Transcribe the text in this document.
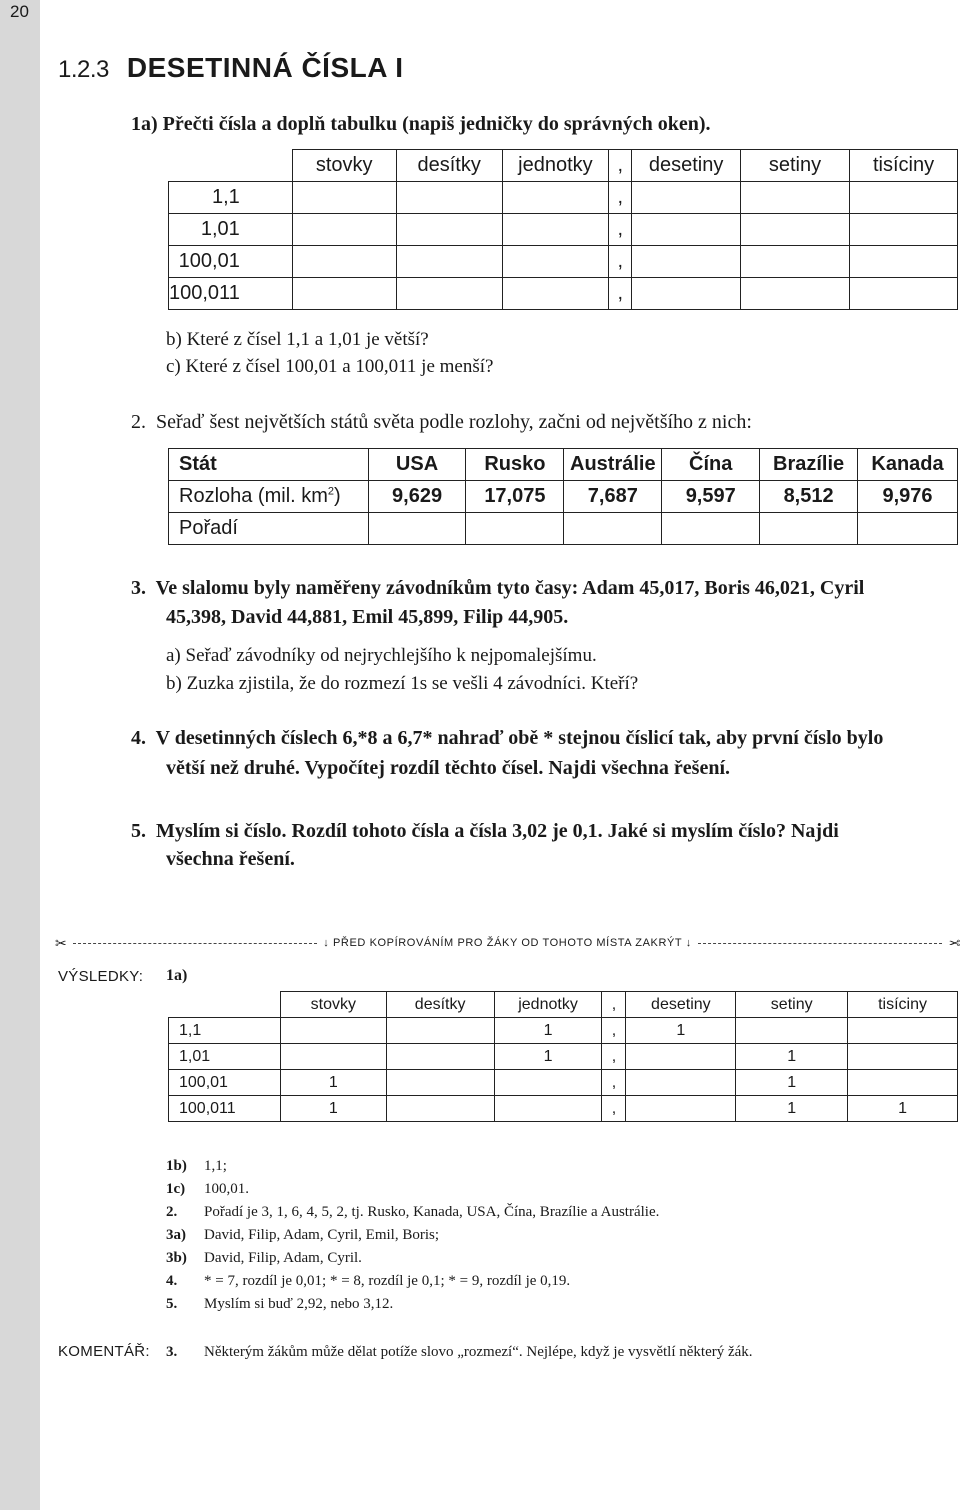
20
1.2.3 DESETINNÁ ČÍSLA I
1a) Přečti čísla a doplň tabulku (napiš jedničky do správných oken).
	stovky	desítky	jednotky	,	desetiny	setiny	tisíciny
1,1				,			
1,01				,			
100,01				,			
100,011				,			
b) Které z čísel 1,1 a 1,01 je větší?
c) Které z čísel 100,01 a 100,011 je menší?
2. Seřaď šest největších států světa podle rozlohy, začni od největšího z nich:
Stát	USA	Rusko	Austrálie	Čína	Brazílie	Kanada
Rozloha (mil. $km^2$)	9,629	17,075	7,687	9,597	8,512	9,976
Pořadí						
3. Ve slalomu byly naměřeny závodníkům tyto časy: Adam 45,017, Boris 46,021, Cyril
45,398, David 44,881, Emil 45,899, Filip 44,905.
a) Seřaď závodníky od nejrychlejšího k nejpomalejšímu.
b) Zuzka zjistila, že do rozmezí 1s se vešli 4 závodníci. Kteří?
4. V desetinných číslech 6,*8 a 6,7* nahraď obě * stejnou číslicí tak, aby první číslo bylo
větší než druhé. Vypočítej rozdíl těchto čísel. Najdi všechna řešení.
5. Myslím si číslo. Rozdíl tohoto čísla a čísla 3,02 je 0,1. Jaké si myslím číslo? Najdi
všechna řešení.
✂	↓ PŘED KOPÍROVÁNÍM PRO ŽÁKY OD TOHOTO MÍSTA ZAKRÝT ↓	✂
VÝSLEDKY: 1a)
	stovky	desítky	jednotky	,	desetiny	setiny	tisíciny
1,1			1	,	1		
1,01			1	,		1	
100,01	1			,		1	
100,011	1			,		1	1
1b) 1,1;
1c) 100,01.
2. Pořadí je 3, 1, 6, 4, 5, 2, tj. Rusko, Kanada, USA, Čína, Brazílie a Austrálie.
3a) David, Filip, Adam, Cyril, Emil, Boris;
3b) David, Filip, Adam, Cyril.
4. * = 7, rozdíl je 0,01; * = 8, rozdíl je 0,1; * = 9, rozdíl je 0,19.
5. Myslím si buď 2,92, nebo 3,12.
KOMENTÁŘ: 3. Některým žákům může dělat potíže slovo „rozmezí“. Nejlépe, když je vysvětlí některý žák.
